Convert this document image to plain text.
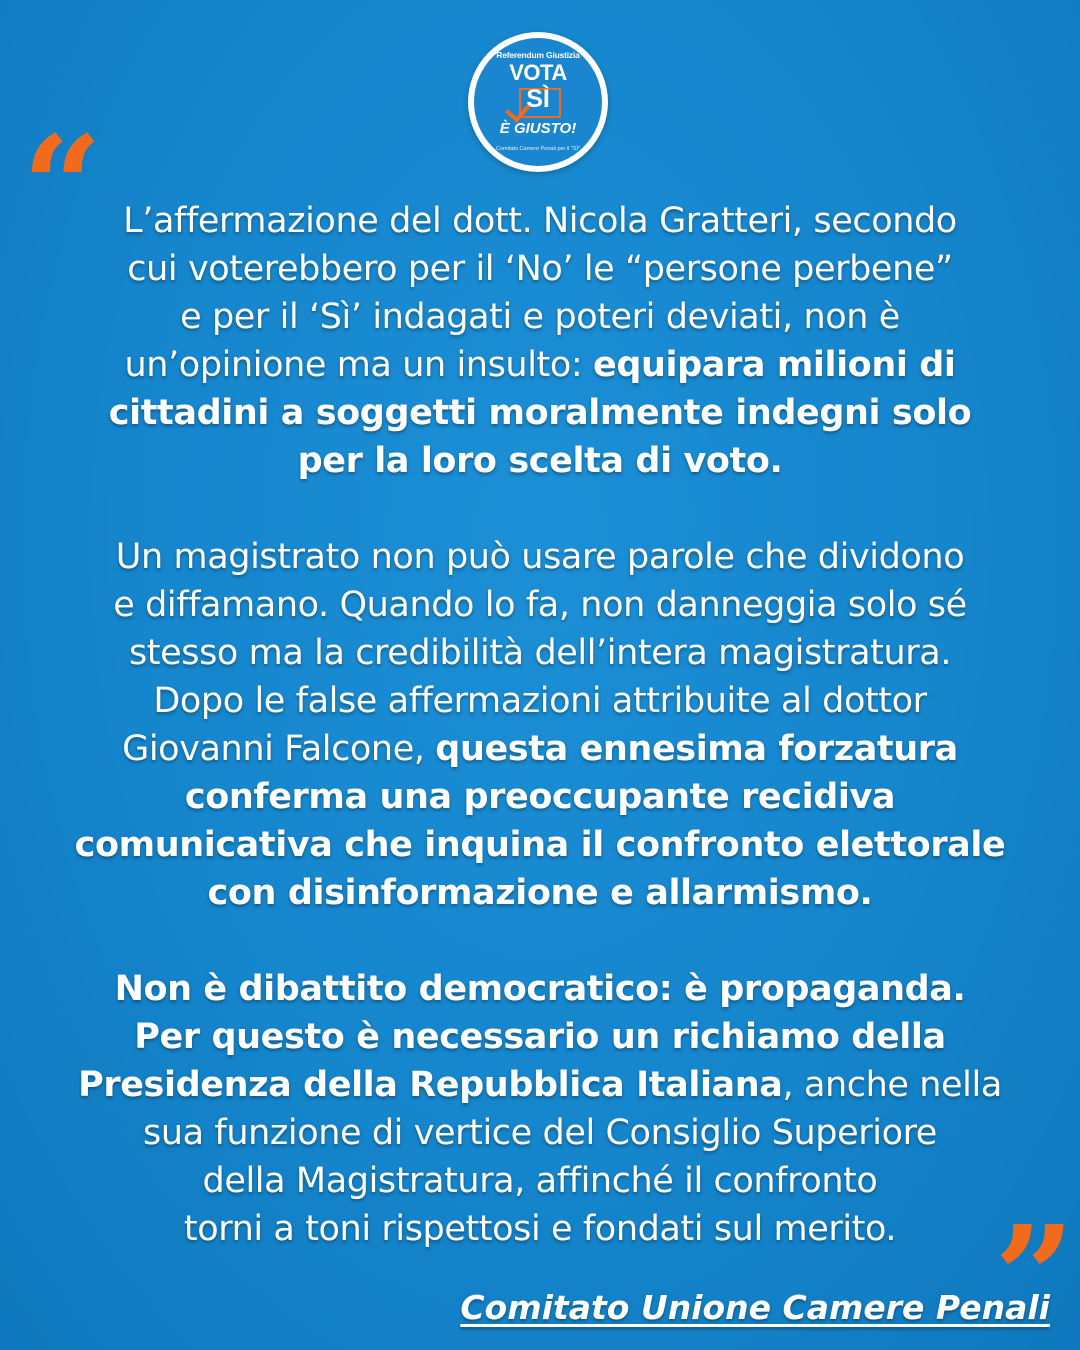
Referendum Giustizia
VOTA
SÌ
È GIUSTO!
Comitato Camere Penali per il "SÌ"
“ L’affermazione del dott. Nicola Gratteri, secondo
cui voterebbero per il ‘No’ le “persone perbene”
e per il ‘Sì’ indagati e poteri deviati, non è
un’opinione ma un insulto: equipara milioni di
cittadini a soggetti moralmente indegni solo
per la loro scelta di voto.
Un magistrato non può usare parole che dividono
e diffamano. Quando lo fa, non danneggia solo sé
stesso ma la credibilità dell’intera magistratura.
Dopo le false affermazioni attribuite al dottor
Giovanni Falcone, questa ennesima forzatura
conferma una preoccupante recidiva
comunicativa che inquina il confronto elettorale
con disinformazione e allarmismo.
Non è dibattito democratico: è propaganda.
Per questo è necessario un richiamo della
Presidenza della Repubblica Italiana, anche nella
sua funzione di vertice del Consiglio Superiore
della Magistratura, affinché il confronto
torni a toni rispettosi e fondati sul merito. ”
Comitato Unione Camere Penali
